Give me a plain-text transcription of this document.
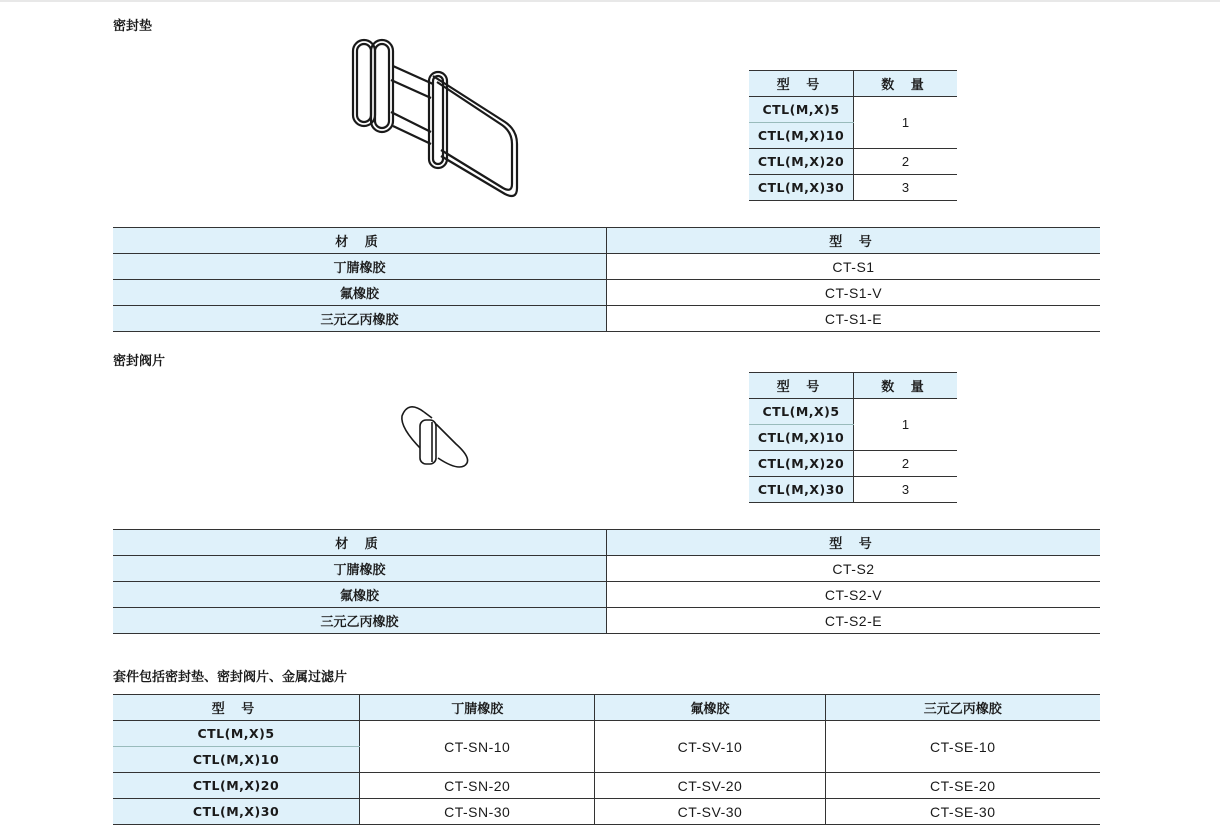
密封垫
型 号	数 量
CTL(M,X)5	1
CTL(M,X)10	
CTL(M,X)20	2
CTL(M,X)30	3
材 质	型 号
丁腈橡胶	CT-S1
氟橡胶	CT-S1-V
三元乙丙橡胶	CT-S1-E
密封阀片
型 号	数 量
CTL(M,X)5	1
CTL(M,X)10	
CTL(M,X)20	2
CTL(M,X)30	3
材 质	型 号
丁腈橡胶	CT-S2
氟橡胶	CT-S2-V
三元乙丙橡胶	CT-S2-E
套件包括密封垫、密封阀片、金属过滤片
型 号	丁腈橡胶	氟橡胶	三元乙丙橡胶
CTL(M,X)5	CT-SN-10	CT-SV-10	CT-SE-10
CTL(M,X)10			
CTL(M,X)20	CT-SN-20	CT-SV-20	CT-SE-20
CTL(M,X)30	CT-SN-30	CT-SV-30	CT-SE-30
